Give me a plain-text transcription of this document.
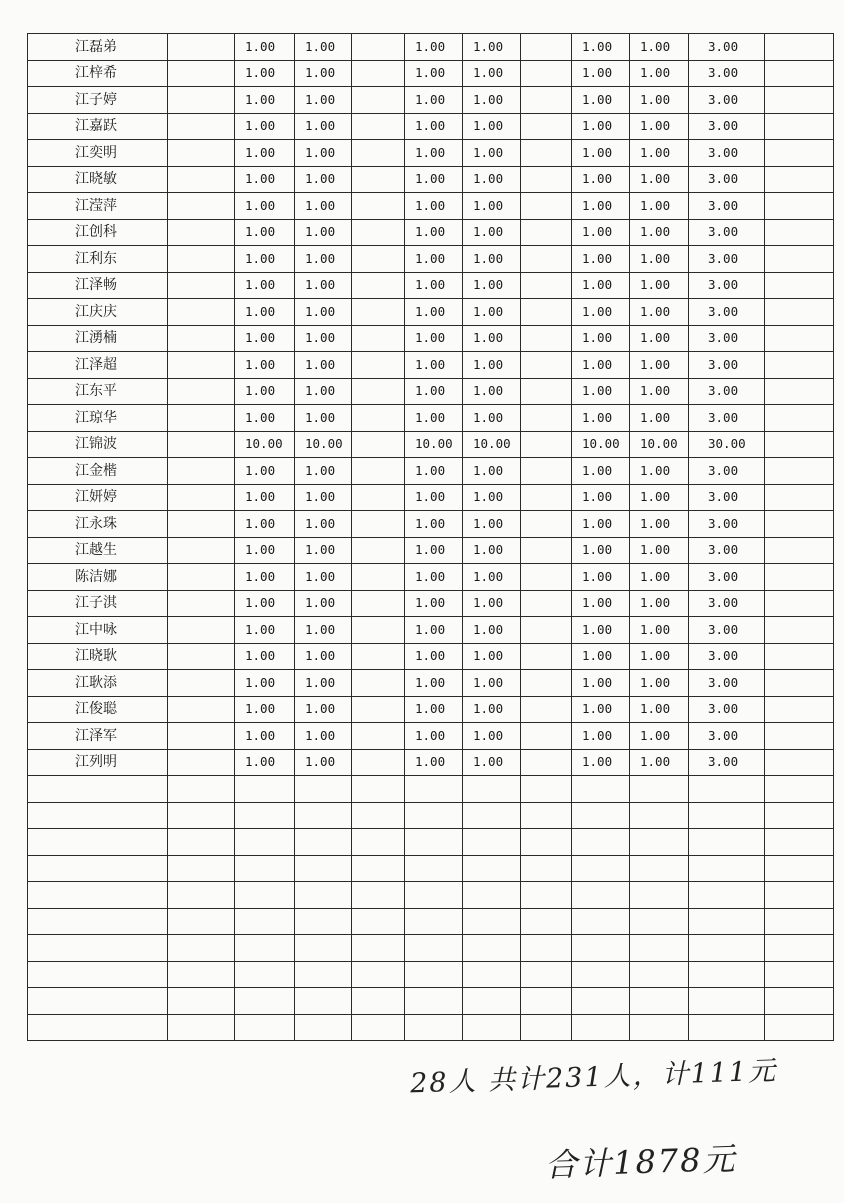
江磊弟		1.00	1.00		1.00	1.00		1.00	1.00	3.00	
江梓希		1.00	1.00		1.00	1.00		1.00	1.00	3.00	
江子婷		1.00	1.00		1.00	1.00		1.00	1.00	3.00	
江嘉跃		1.00	1.00		1.00	1.00		1.00	1.00	3.00	
江奕明		1.00	1.00		1.00	1.00		1.00	1.00	3.00	
江晓敏		1.00	1.00		1.00	1.00		1.00	1.00	3.00	
江滢萍		1.00	1.00		1.00	1.00		1.00	1.00	3.00	
江创科		1.00	1.00		1.00	1.00		1.00	1.00	3.00	
江利东		1.00	1.00		1.00	1.00		1.00	1.00	3.00	
江泽畅		1.00	1.00		1.00	1.00		1.00	1.00	3.00	
江庆庆		1.00	1.00		1.00	1.00		1.00	1.00	3.00	
江湧楠		1.00	1.00		1.00	1.00		1.00	1.00	3.00	
江泽超		1.00	1.00		1.00	1.00		1.00	1.00	3.00	
江东平		1.00	1.00		1.00	1.00		1.00	1.00	3.00	
江琼华		1.00	1.00		1.00	1.00		1.00	1.00	3.00	
江锦波		10.00	10.00		10.00	10.00		10.00	10.00	30.00	
江金楷		1.00	1.00		1.00	1.00		1.00	1.00	3.00	
江妍婷		1.00	1.00		1.00	1.00		1.00	1.00	3.00	
江永珠		1.00	1.00		1.00	1.00		1.00	1.00	3.00	
江越生		1.00	1.00		1.00	1.00		1.00	1.00	3.00	
陈洁娜		1.00	1.00		1.00	1.00		1.00	1.00	3.00	
江子淇		1.00	1.00		1.00	1.00		1.00	1.00	3.00	
江中咏		1.00	1.00		1.00	1.00		1.00	1.00	3.00	
江晓耿		1.00	1.00		1.00	1.00		1.00	1.00	3.00	
江耿添		1.00	1.00		1.00	1.00		1.00	1.00	3.00	
江俊聪		1.00	1.00		1.00	1.00		1.00	1.00	3.00	
江泽军		1.00	1.00		1.00	1.00		1.00	1.00	3.00	
江列明		1.00	1.00		1.00	1.00		1.00	1.00	3.00	

28人 共计231人，计111元
合计1878元
